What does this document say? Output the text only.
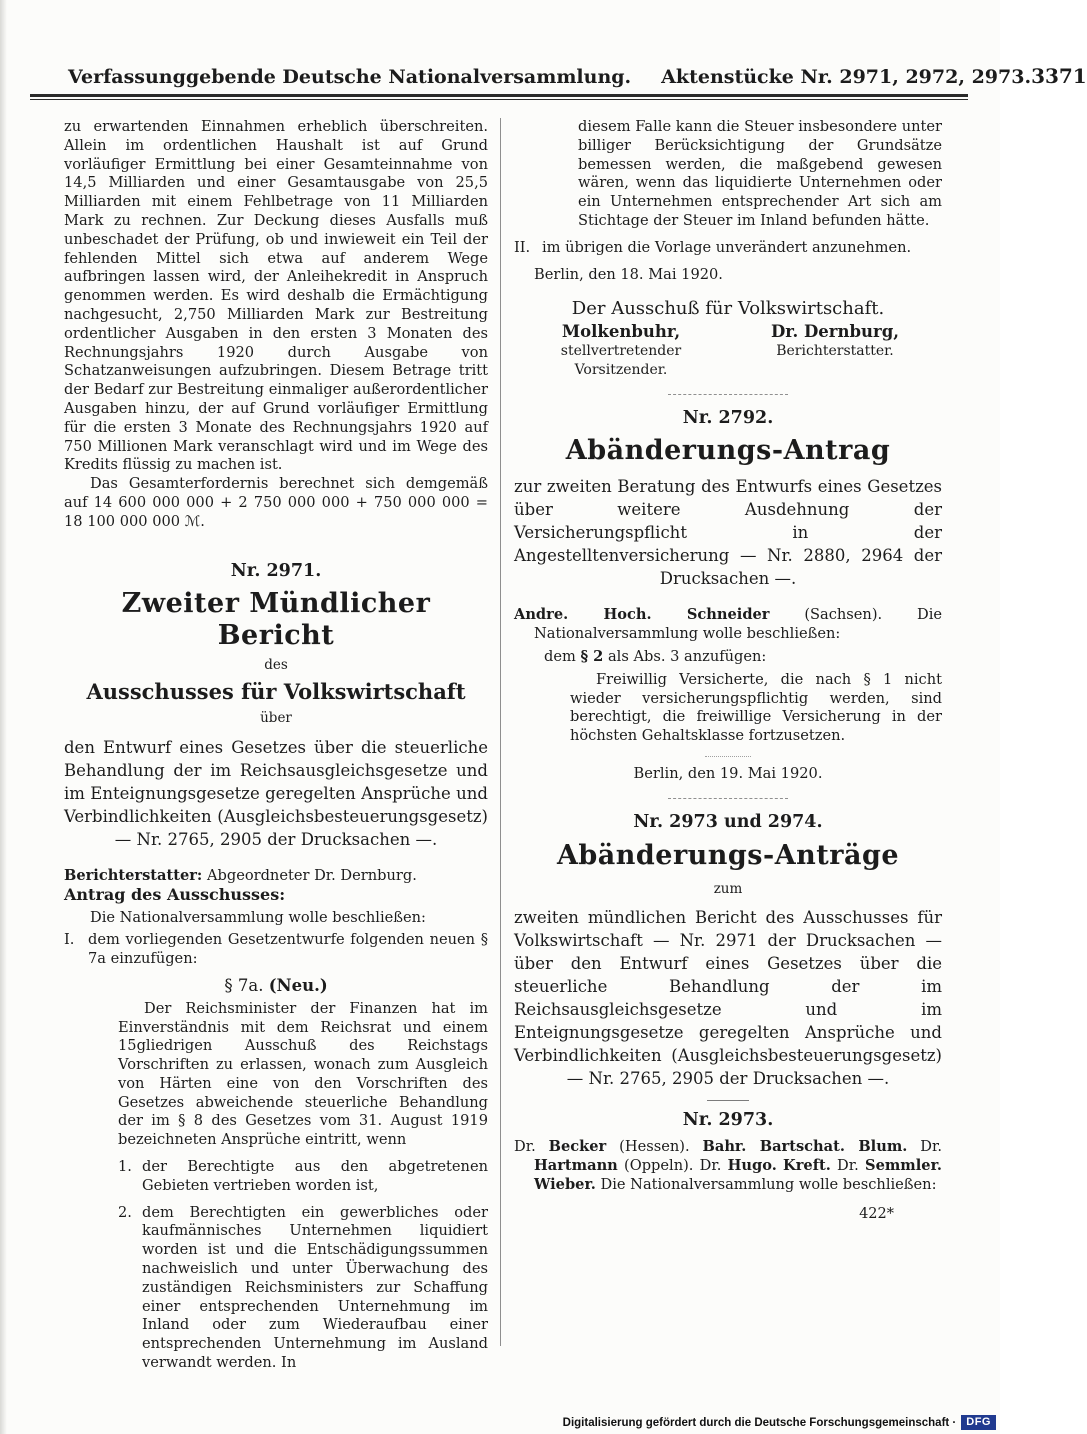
Verfassunggebende Deutsche Nationalversammlung. Aktenstücke Nr. 2971, 2972, 2973. 3371

zu erwartenden Einnahmen erheblich überschreiten. Allein im ordentlichen Haushalt ist auf Grund vorläufiger Ermittlung bei einer Gesamteinnahme von 14,5 Milliarden und einer Gesamtausgabe von 25,5 Milliarden mit einem Fehlbetrage von 11 Milliarden Mark zu rechnen. Zur Deckung dieses Ausfalls muß unbeschadet der Prüfung, ob und inwieweit ein Teil der fehlenden Mittel sich etwa auf anderem Wege aufbringen lassen wird, der Anleihekredit in Anspruch genommen werden. Es wird deshalb die Ermächtigung nachgesucht, 2,750 Milliarden Mark zur Bestreitung ordentlicher Ausgaben in den ersten 3 Monaten des Rechnungsjahrs 1920 durch Ausgabe von Schatzanweisungen aufzubringen. Diesem Betrage tritt der Bedarf zur Bestreitung einmaliger außerordentlicher Ausgaben hinzu, der auf Grund vorläufiger Ermittlung für die ersten 3 Monate des Rechnungsjahrs 1920 auf 750 Millionen Mark veranschlagt wird und im Wege des Kredits flüssig zu machen ist.

Das Gesamterfordernis berechnet sich demgemäß auf 14 600 000 000 + 2 750 000 000 + 750 000 000 = 18 100 000 000 ℳ.

Nr. 2971.

Zweiter Mündlicher Bericht

des

Ausschusses für Volkswirtschaft

über

den Entwurf eines Gesetzes über die steuerliche Behandlung der im Reichsausgleichsgesetze und im Enteignungsgesetze geregelten Ansprüche und Verbindlichkeiten (Ausgleichsbesteuerungsgesetz) — Nr. 2765, 2905 der Drucksachen —.

Berichterstatter: Abgeordneter Dr. Dernburg.

Antrag des Ausschusses:

Die Nationalversammlung wolle beschließen:

I. dem vorliegenden Gesetzentwurfe folgenden neuen § 7a einzufügen:

§ 7a. (Neu.)

Der Reichsminister der Finanzen hat im Einverständnis mit dem Reichsrat und einem 15gliedrigen Ausschuß des Reichstags Vorschriften zu erlassen, wonach zum Ausgleich von Härten eine von den Vorschriften des Gesetzes abweichende steuerliche Behandlung der im § 8 des Gesetzes vom 31. August 1919 bezeichneten Ansprüche eintritt, wenn

1. der Berechtigte aus den abgetretenen Gebieten vertrieben worden ist,

2. dem Berechtigten ein gewerbliches oder kaufmännisches Unternehmen liquidiert worden ist und die Entschädigungssummen nachweislich und unter Überwachung des zuständigen Reichsministers zur Schaffung einer entsprechenden Unternehmung im Inland oder zum Wiederaufbau einer entsprechenden Unternehmung im Ausland verwandt werden. In

diesem Falle kann die Steuer insbesondere unter billiger Berücksichtigung der Grundsätze bemessen werden, die maßgebend gewesen wären, wenn das liquidierte Unternehmen oder ein Unternehmen entsprechender Art sich am Stichtage der Steuer im Inland befunden hätte.

II. im übrigen die Vorlage unverändert anzunehmen.

Berlin, den 18. Mai 1920.

Der Ausschuß für Volkswirtschaft.

Molkenbuhr,
stellvertretender Vorsitzender.
Dr. Dernburg,
Berichterstatter.

Nr. 2792.

Abänderungs-Antrag

zur zweiten Beratung des Entwurfs eines Gesetzes über weitere Ausdehnung der Versicherungspflicht in der Angestelltenversicherung — Nr. 2880, 2964 der Drucksachen —.

Andre. Hoch. Schneider (Sachsen). Die Nationalversammlung wolle beschließen:

dem § 2 als Abs. 3 anzufügen:

Freiwillig Versicherte, die nach § 1 nicht wieder versicherungspflichtig werden, sind berechtigt, die freiwillige Versicherung in der höchsten Gehaltsklasse fortzusetzen.

Berlin, den 19. Mai 1920.

Nr. 2973 und 2974.

Abänderungs-Anträge

zum

zweiten mündlichen Bericht des Ausschusses für Volkswirtschaft — Nr. 2971 der Drucksachen — über den Entwurf eines Gesetzes über die steuerliche Behandlung der im Reichsausgleichsgesetze und im Enteignungsgesetze geregelten Ansprüche und Verbindlichkeiten (Ausgleichsbesteuerungsgesetz) — Nr. 2765, 2905 der Drucksachen —.

Nr. 2973.

Dr. Becker (Hessen). Bahr. Bartschat. Blum. Dr. Hartmann (Oppeln). Dr. Hugo. Kreft. Dr. Semmler. Wieber. Die Nationalversammlung wolle beschließen:

422*

Digitalisierung gefördert durch die Deutsche Forschungsgemeinschaft · DFG
